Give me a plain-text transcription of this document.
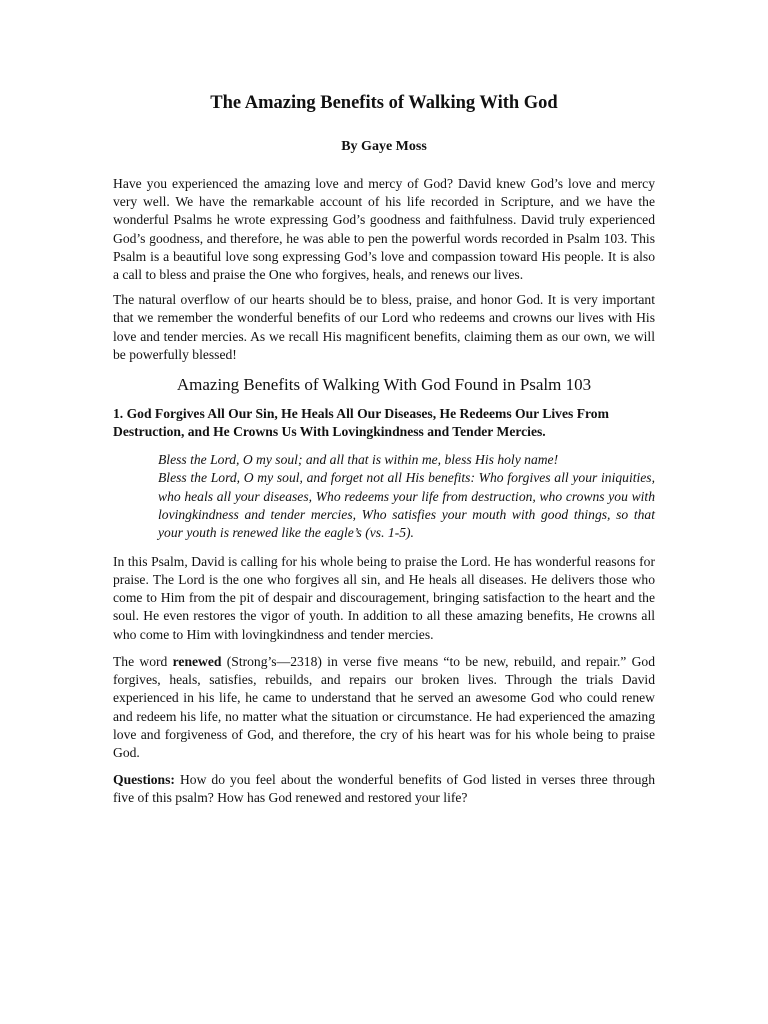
The Amazing Benefits of Walking With God
By Gaye Moss

Have you experienced the amazing love and mercy of God? David knew God’s love and mercy very well. We have the remarkable account of his life recorded in Scripture, and we have the wonderful Psalms he wrote expressing God’s goodness and faithfulness. David truly experienced God’s goodness, and therefore, he was able to pen the powerful words recorded in Psalm 103. This Psalm is a beautiful love song expressing God’s love and compassion toward His people. It is also a call to bless and praise the One who forgives, heals, and renews our lives.

The natural overflow of our hearts should be to bless, praise, and honor God. It is very important that we remember the wonderful benefits of our Lord who redeems and crowns our lives with His love and tender mercies. As we recall His magnificent benefits, claiming them as our own, we will be powerfully blessed!

Amazing Benefits of Walking With God Found in Psalm 103
1. God Forgives All Our Sin, He Heals All Our Diseases, He Redeems Our Lives From Destruction, and He Crowns Us With Lovingkindness and Tender Mercies.
Bless the Lord, O my soul; and all that is within me, bless His holy name!
Bless the Lord, O my soul, and forget not all His benefits: Who forgives all your iniquities, who heals all your diseases, Who redeems your life from destruction, who crowns you with lovingkindness and tender mercies, Who satisfies your mouth with good things, so that your youth is renewed like the eagle’s (vs. 1-5).

In this Psalm, David is calling for his whole being to praise the Lord. He has wonderful reasons for praise. The Lord is the one who forgives all sin, and He heals all diseases. He delivers those who come to Him from the pit of despair and discouragement, bringing satisfaction to the heart and the soul. He even restores the vigor of youth. In addition to all these amazing benefits, He crowns all who come to Him with lovingkindness and tender mercies.

The word renewed (Strong’s—2318) in verse five means “to be new, rebuild, and repair.” God forgives, heals, satisfies, rebuilds, and repairs our broken lives. Through the trials David experienced in his life, he came to understand that he served an awesome God who could renew and redeem his life, no matter what the situation or circumstance. He had experienced the amazing love and forgiveness of God, and therefore, the cry of his heart was for his whole being to praise God.

Questions: How do you feel about the wonderful benefits of God listed in verses three through five of this psalm? How has God renewed and restored your life?
